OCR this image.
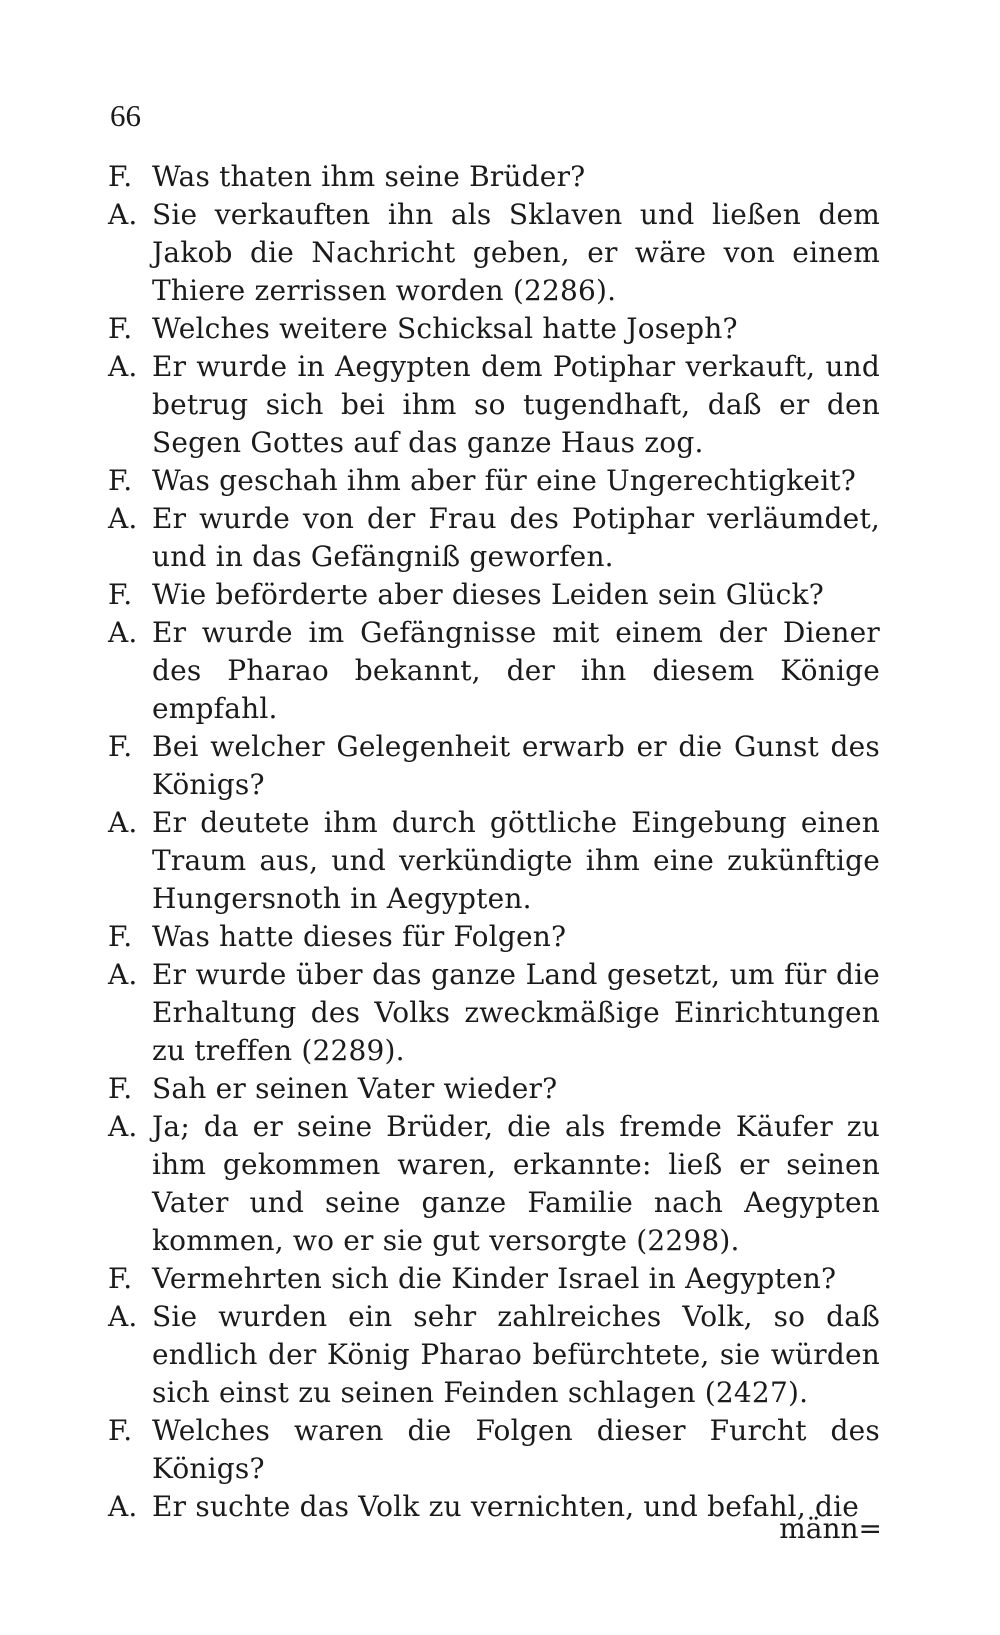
66
F. Was thaten ihm seine Brüder?
A. Sie verkauften ihn als Sklaven und ließen dem Jakob die Nachricht geben, er wäre von einem Thiere zerrissen worden (2286).
F. Welches weitere Schicksal hatte Joseph?
A. Er wurde in Aegypten dem Potiphar verkauft, und betrug sich bei ihm so tugendhaft, daß er den Segen Gottes auf das ganze Haus zog.
F. Was geschah ihm aber für eine Ungerechtigkeit?
A. Er wurde von der Frau des Potiphar verläumdet, und in das Gefängniß geworfen.
F. Wie beförderte aber dieses Leiden sein Glück?
A. Er wurde im Gefängnisse mit einem der Diener des Pharao bekannt, der ihn diesem Könige empfahl.
F. Bei welcher Gelegenheit erwarb er die Gunst des Königs?
A. Er deutete ihm durch göttliche Eingebung einen Traum aus, und verkündigte ihm eine zukünftige Hungersnoth in Aegypten.
F. Was hatte dieses für Folgen?
A. Er wurde über das ganze Land gesetzt, um für die Erhaltung des Volks zweckmäßige Einrichtungen zu treffen (2289).
F. Sah er seinen Vater wieder?
A. Ja; da er seine Brüder, die als fremde Käufer zu ihm gekommen waren, erkannte: ließ er seinen Vater und seine ganze Familie nach Aegypten kommen, wo er sie gut versorgte (2298).
F. Vermehrten sich die Kinder Israel in Aegypten?
A. Sie wurden ein sehr zahlreiches Volk, so daß endlich der König Pharao befürchtete, sie würden sich einst zu seinen Feinden schlagen (2427).
F. Welches waren die Folgen dieser Furcht des Königs?
A. Er suchte das Volk zu vernichten, und befahl, die
männ=
